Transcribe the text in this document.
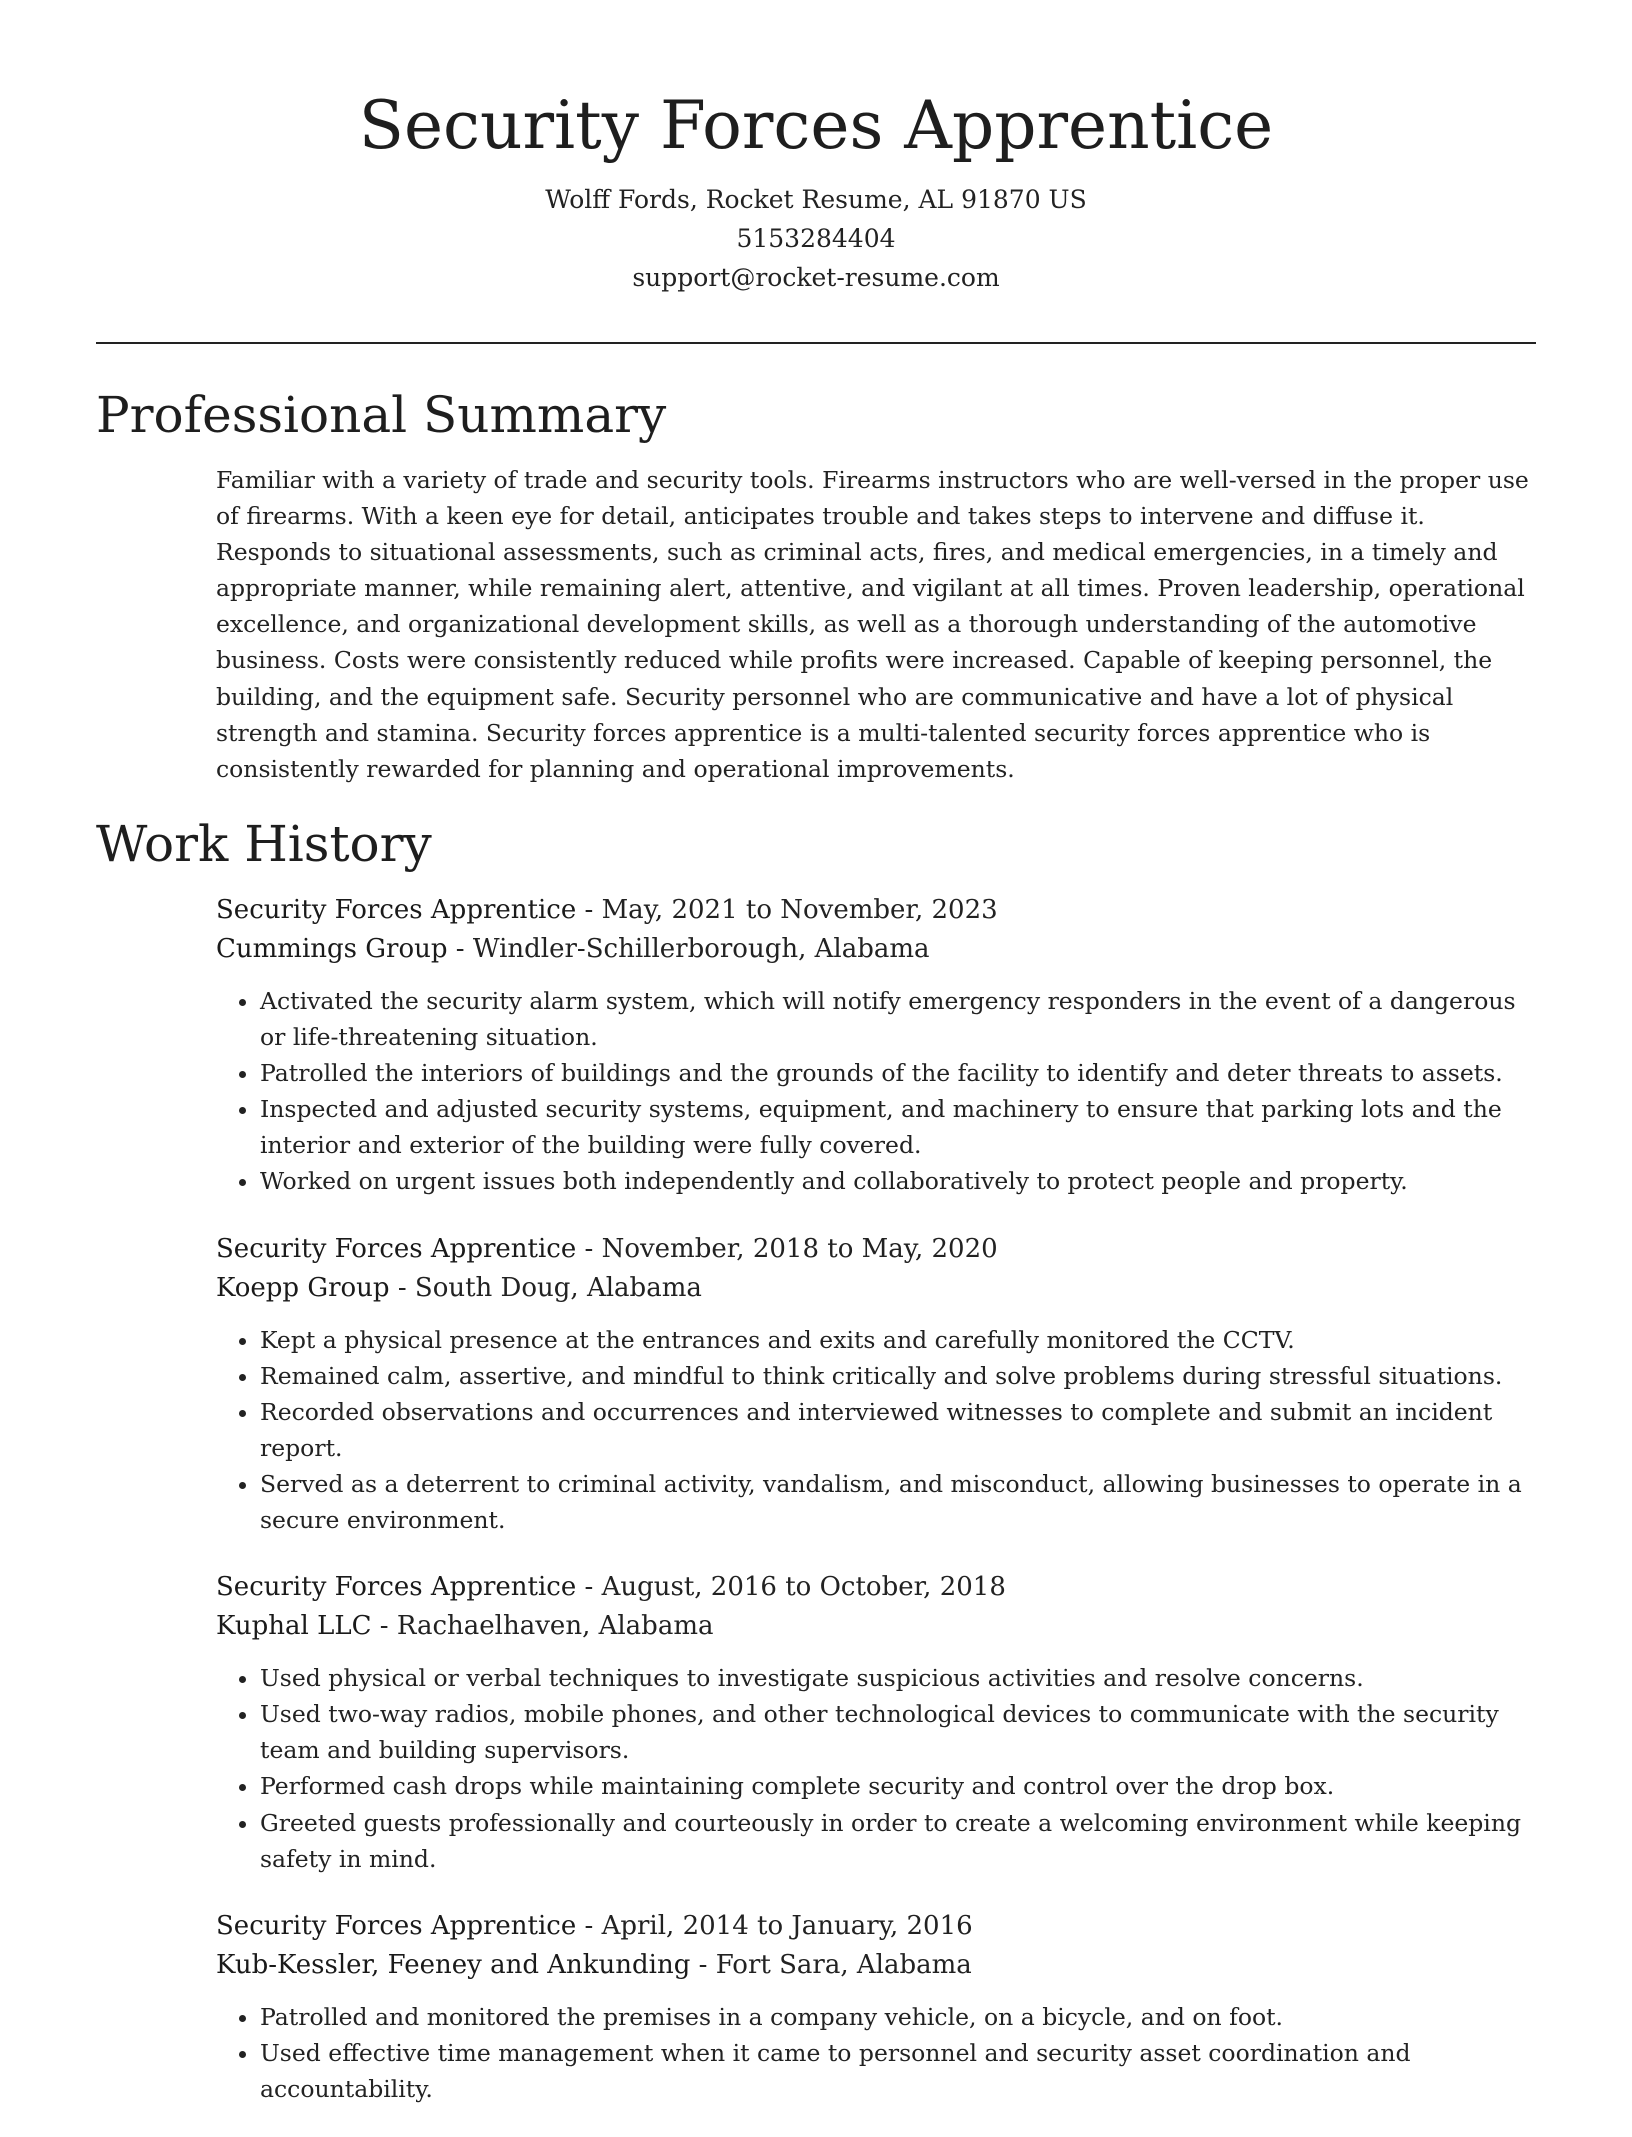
Security Forces Apprentice
Wolff Fords, Rocket Resume, AL 91870 US
5153284404
support@rocket-resume.com
Professional Summary

Familiar with a variety of trade and security tools. Firearms instructors who are well-versed in the proper use of firearms. With a keen eye for detail, anticipates trouble and takes steps to intervene and diffuse it. Responds to situational assessments, such as criminal acts, fires, and medical emergencies, in a timely and appropriate manner, while remaining alert, attentive, and vigilant at all times. Proven leadership, operational excellence, and organizational development skills, as well as a thorough understanding of the automotive business. Costs were consistently reduced while profits were increased. Capable of keeping personnel, the building, and the equipment safe. Security personnel who are communicative and have a lot of physical strength and stamina. Security forces apprentice is a multi-talented security forces apprentice who is consistently rewarded for planning and operational improvements.

Work History
Security Forces Apprentice - May, 2021 to November, 2023
Cummings Group - Windler-Schillerborough, Alabama
• Activated the security alarm system, which will notify emergency responders in the event of a dangerous or life-threatening situation.
• Patrolled the interiors of buildings and the grounds of the facility to identify and deter threats to assets.
• Inspected and adjusted security systems, equipment, and machinery to ensure that parking lots and the interior and exterior of the building were fully covered.
• Worked on urgent issues both independently and collaboratively to protect people and property.
Security Forces Apprentice - November, 2018 to May, 2020
Koepp Group - South Doug, Alabama
• Kept a physical presence at the entrances and exits and carefully monitored the CCTV.
• Remained calm, assertive, and mindful to think critically and solve problems during stressful situations.
• Recorded observations and occurrences and interviewed witnesses to complete and submit an incident report.
• Served as a deterrent to criminal activity, vandalism, and misconduct, allowing businesses to operate in a secure environment.
Security Forces Apprentice - August, 2016 to October, 2018
Kuphal LLC - Rachaelhaven, Alabama
• Used physical or verbal techniques to investigate suspicious activities and resolve concerns.
• Used two-way radios, mobile phones, and other technological devices to communicate with the security team and building supervisors.
• Performed cash drops while maintaining complete security and control over the drop box.
• Greeted guests professionally and courteously in order to create a welcoming environment while keeping safety in mind.
Security Forces Apprentice - April, 2014 to January, 2016
Kub-Kessler, Feeney and Ankunding - Fort Sara, Alabama
• Patrolled and monitored the premises in a company vehicle, on a bicycle, and on foot.
• Used effective time management when it came to personnel and security asset coordination and accountability.
